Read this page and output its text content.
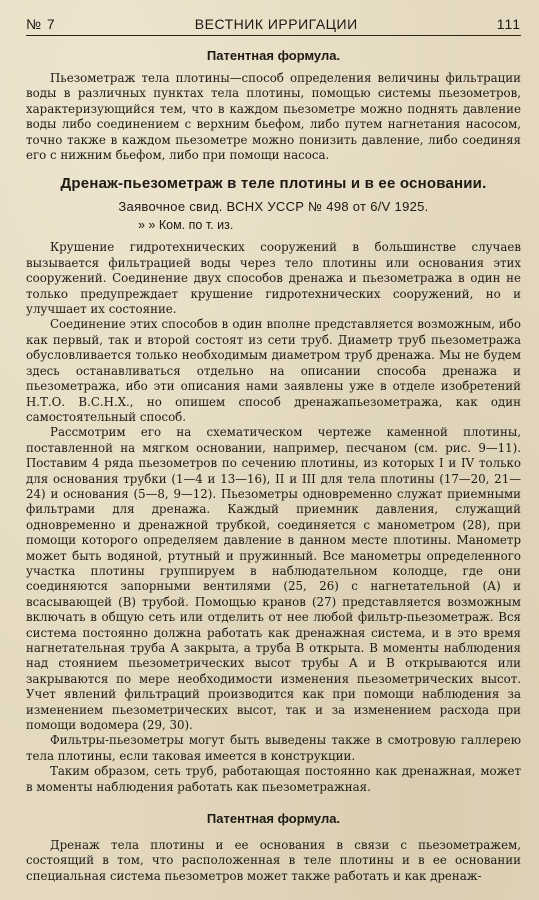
№ 7	ВЕСТНИК ИРРИГАЦИИ	111
Патентная формула.

Пьезометраж тела плотины—способ определения величины фильтрации воды в различных пунктах тела плотины, помощью системы пьезометров, характеризующийся тем, что в каждом пьезометре можно поднять давление воды либо соединением с верхним бьефом, либо путем нагнетания насосом, точно также в каждом пьезометре можно понизить давление, либо соединяя его с нижним бьефом, либо при помощи насоса.

Дренаж-пьезометраж в теле плотины и в ее основании.
Заявочное свид. ВСНХ УССР № 498 от 6/V 1925.
» » Ком. по т. из.

Крушение гидротехнических сооружений в большинстве случаев вызывается фильтрацией воды через тело плотины или основания этих сооружений. Соединение двух способов дренажа и пьезометража в один не только предупреждает крушение гидротехнических сооружений, но и улучшает их состояние.

Соединение этих способов в один вполне представляется возможным, ибо как первый, так и второй состоят из сети труб. Диаметр труб пьезометража обусловливается только необходимым диаметром труб дренажа. Мы не будем здесь останавливаться отдельно на описании способа дренажа и пьезометража, ибо эти описания нами заявлены уже в отделе изобретений Н.Т.О. В.С.Н.Х., но опишем способ дренажапьезометража, как один самостоятельный способ.

Рассмотрим его на схематическом чертеже каменной плотины, поставленной на мягком основании, например, песчаном (см. рис. 9—11). Поставим 4 ряда пьезометров по сечению плотины, из которых I и IV только для основания трубки (1—4 и 13—16), II и III для тела плотины (17—20, 21—24) и основания (5—8, 9—12). Пьезометры одновременно служат приемными фильтрами для дренажа. Каждый приемник давления, служащий одновременно и дренажной трубкой, соединяется с манометром (28), при помощи которого определяем давление в данном месте плотины. Манометр может быть водяной, ртутный и пружинный. Все манометры определенного участка плотины группируем в наблюдательном колодце, где они соединяются запорными вентилями (25, 26) с нагнетательной (А) и всасывающей (В) трубой. Помощью кранов (27) представляется возможным включать в общую сеть или отделить от нее любой фильтр-пьезометраж. Вся система постоянно должна работать как дренажная система, и в это время нагнетательная труба А закрыта, а труба В открыта. В моменты наблюдения над стоянием пьезометрических высот трубы А и В открываются или закрываются по мере необходимости изменения пьезометрических высот. Учет явлений фильтраций производится как при помощи наблюдения за изменением пьезометрических высот, так и за изменением расхода при помощи водомера (29, 30).

Фильтры-пьезометры могут быть выведены также в смотровую галлерею тела плотины, если таковая имеется в конструкции.

Таким образом, сеть труб, работающая постоянно как дренажная, может в моменты наблюдения работать как пьезометражная.

Патентная формула.

Дренаж тела плотины и ее основания в связи с пьезометражем, состоящий в том, что расположенная в теле плотины и в ее основании специальная система пьезометров может также работать и как дренаж-
